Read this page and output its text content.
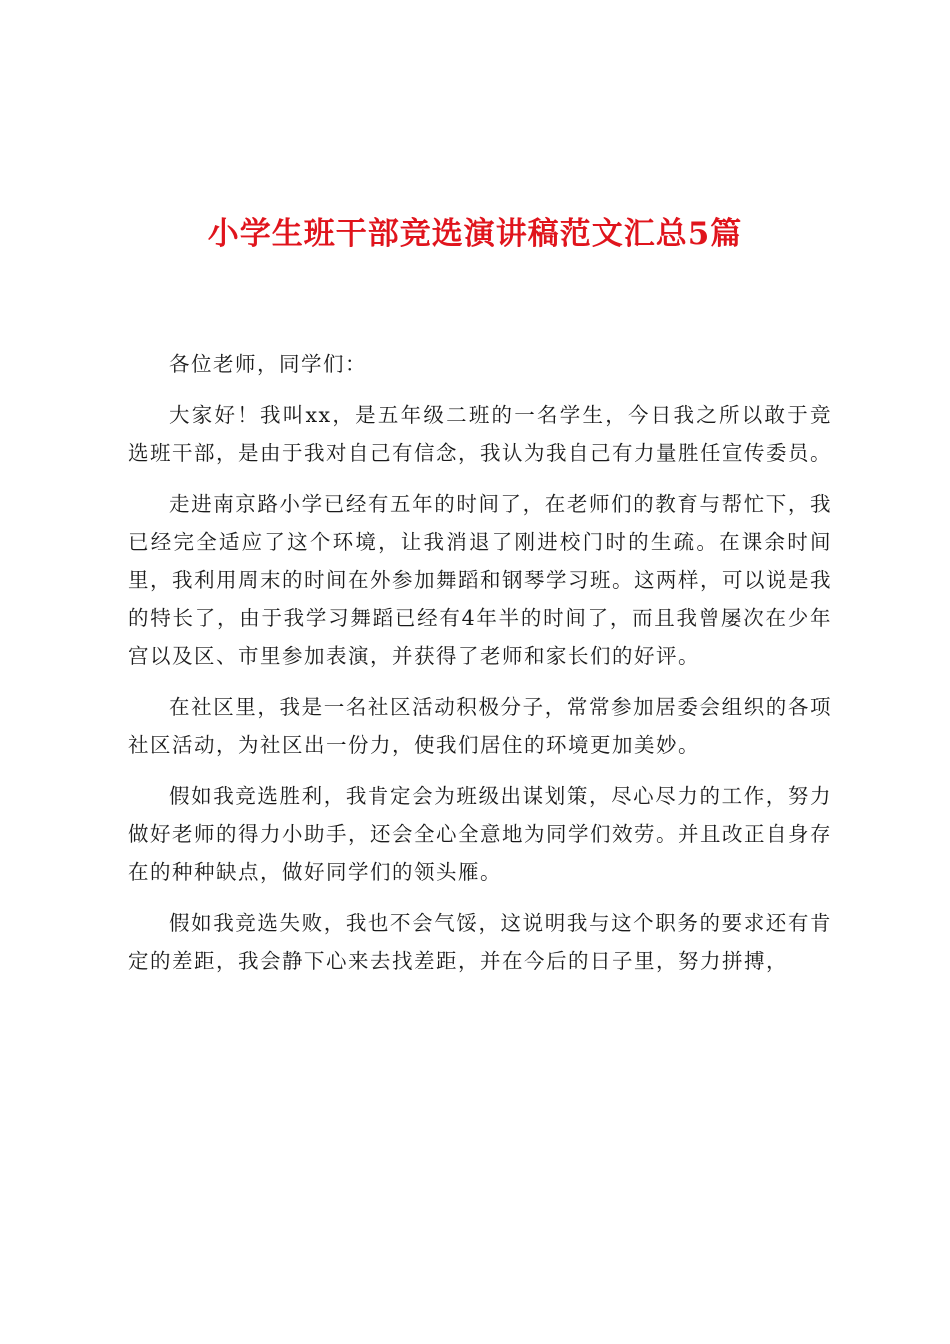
小学生班干部竞选演讲稿范文汇总5篇

各位老师，同学们：

大家好！我叫xx，是五年级二班的一名学生，今日我之所以敢于竞选班干部，是由于我对自己有信念，我认为我自己有力量胜任宣传委员。

走进南京路小学已经有五年的时间了，在老师们的教育与帮忙下，我已经完全适应了这个环境，让我消退了刚进校门时的生疏。在课余时间里，我利用周末的时间在外参加舞蹈和钢琴学习班。这两样，可以说是我的特长了，由于我学习舞蹈已经有4年半的时间了，而且我曾屡次在少年宫以及区、市里参加表演，并获得了老师和家长们的好评。

在社区里，我是一名社区活动积极分子，常常参加居委会组织的各项社区活动，为社区出一份力，使我们居住的环境更加美妙。

假如我竞选胜利，我肯定会为班级出谋划策，尽心尽力的工作，努力做好老师的得力小助手，还会全心全意地为同学们效劳。并且改正自身存在的种种缺点，做好同学们的领头雁。

假如我竞选失败，我也不会气馁，这说明我与这个职务的要求还有肯定的差距，我会静下心来去找差距，并在今后的日子里，努力拼搏，
